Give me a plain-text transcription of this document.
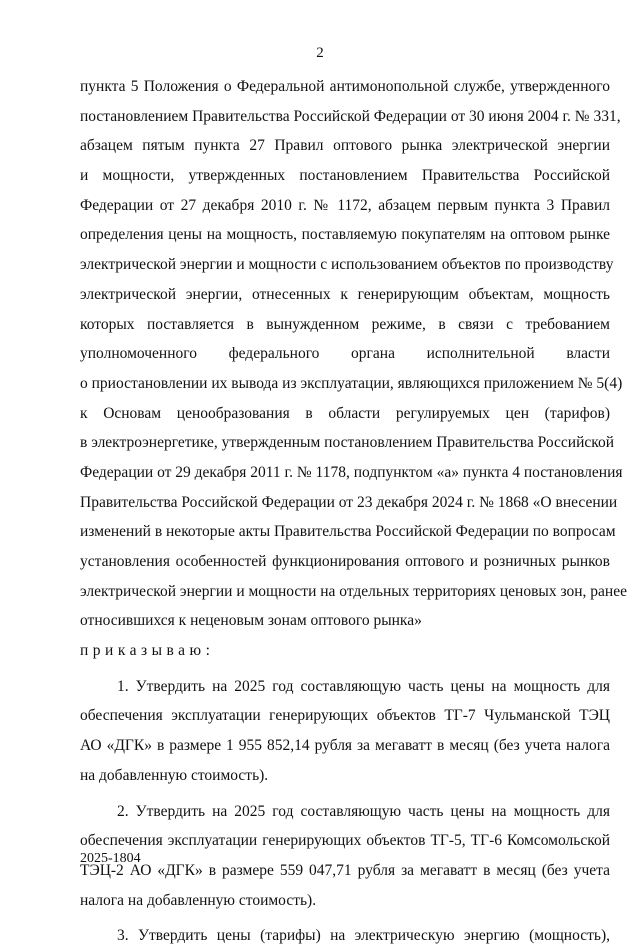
2
пункта 5 Положения о Федеральной антимонопольной службе, утвержденного
постановлением Правительства Российской Федерации от 30 июня 2004 г. № 331,
абзацем пятым пункта 27 Правил оптового рынка электрической энергии
и мощности, утвержденных постановлением Правительства Российской
Федерации от 27 декабря 2010 г. № 1172, абзацем первым пункта 3 Правил
определения цены на мощность, поставляемую покупателям на оптовом рынке
электрической энергии и мощности с использованием объектов по производству
электрической энергии, отнесенных к генерирующим объектам, мощность
которых поставляется в вынужденном режиме, в связи с требованием
уполномоченного федерального органа исполнительной власти
о приостановлении их вывода из эксплуатации, являющихся приложением № 5(4)
к Основам ценообразования в области регулируемых цен (тарифов)
в электроэнергетике, утвержденным постановлением Правительства Российской
Федерации от 29 декабря 2011 г. № 1178, подпунктом «а» пункта 4 постановления
Правительства Российской Федерации от 23 декабря 2024 г. № 1868 «О внесении
изменений в некоторые акты Правительства Российской Федерации по вопросам
установления особенностей функционирования оптового и розничных рынков
электрической энергии и мощности на отдельных территориях ценовых зон, ранее
относившихся к неценовым зонам оптового рынка»
приказываю:
1. Утвердить на 2025 год составляющую часть цены на мощность для
обеспечения эксплуатации генерирующих объектов ТГ-7 Чульманской ТЭЦ
АО «ДГК» в размере 1 955 852,14 рубля за мегаватт в месяц (без учета налога
на добавленную стоимость).
2. Утвердить на 2025 год составляющую часть цены на мощность для
обеспечения эксплуатации генерирующих объектов ТГ-5, ТГ-6 Комсомольской
ТЭЦ-2 АО «ДГК» в размере 559 047,71 рубля за мегаватт в месяц (без учета
налога на добавленную стоимость).
3. Утвердить цены (тарифы) на электрическую энергию (мощность),
2025-1804
